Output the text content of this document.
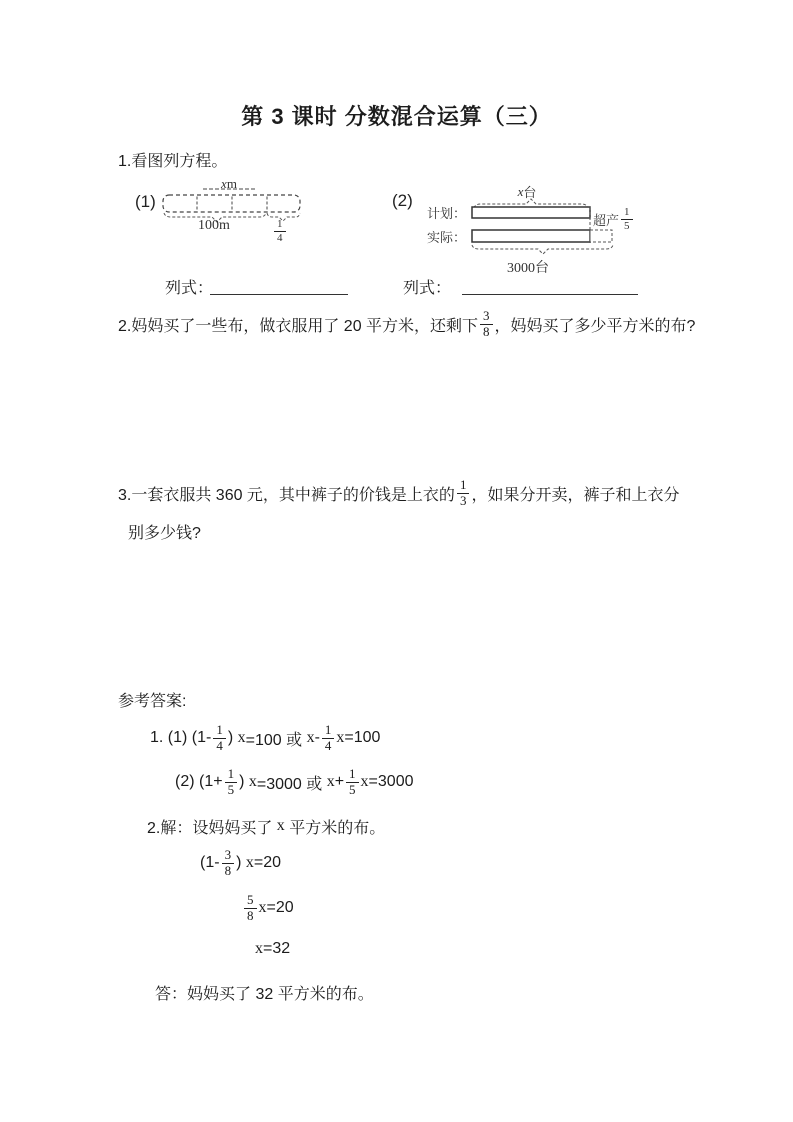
第 3 课时 分数混合运算（三）
1.看图列方程。
(1)
x m
100m	$\frac{1}{4}$
(2)
计划：
实际：
x 台
超产 $\frac{1}{5}$
3000台
列式：	列式：
2.妈妈买了一些布，做衣服用了 20 平方米，还剩下 $\frac{3}{8}$ ，妈妈买了多少平方米的布?
3.一套衣服共 360 元，其中裤子的价钱是上衣的 $\frac{1}{3}$ ，如果分开卖，裤子和上衣分
别多少钱?
参考答案:
1. (1) ($1- \frac{1}{4}$ ) x =100 或 x - $\frac{1}{4}$ x =100
(2) ($1+ \frac{1}{5}$ ) x =3000 或 $x + \frac{1}{5}$ x =3000
2.解：设妈妈买了 x 平方米的布。
($1- \frac{3}{8}$ ) x =20
$\frac{5}{8}$ x =20
x =32
答：妈妈买了 32 平方米的布。
